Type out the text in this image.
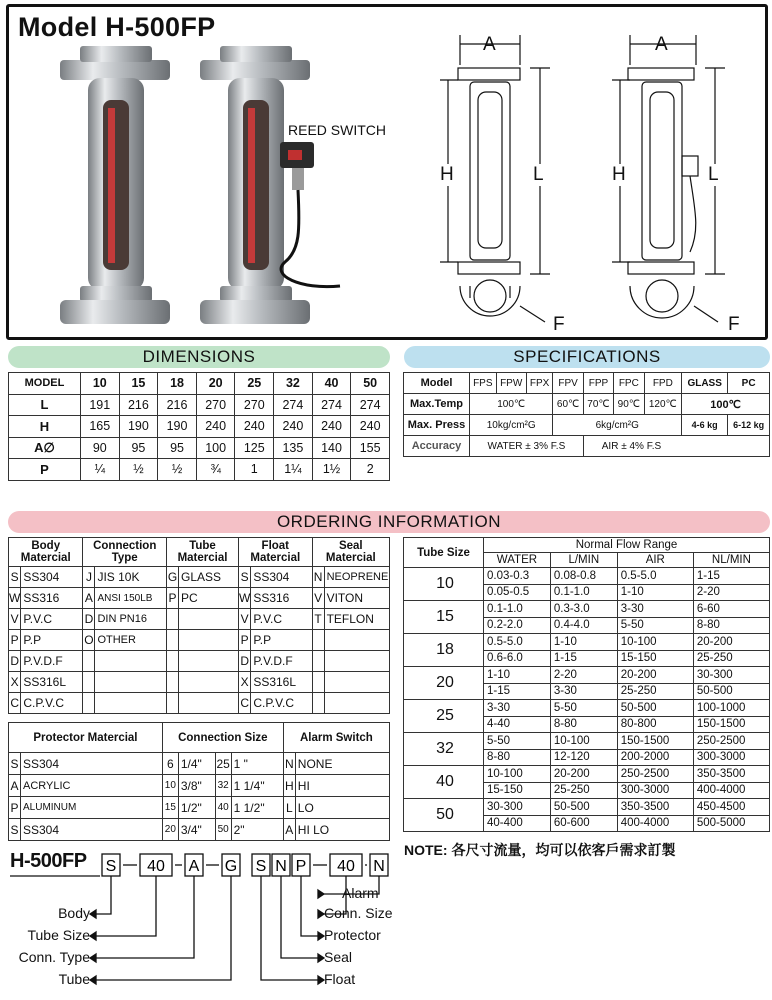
Model H-500FP
REED SWITCH
A	A
H	H
L	L
F	F
DIMENSIONS	SPECIFICATIONS
ORDERING INFORMATION
MODEL	10	15	18	20	25	32	40	50
L	191	216	216	270	270	274	274	274
H	165	190	190	240	240	240	240	240
A∅	90	95	95	100	125	135	140	155
P	¼	½	½	¾	1	1¼	1½	2
Model	FPS	FPW	FPX	FPV	FPP	FPC	FPD	GLASS	PC
Max.Temp	100℃			60℃	70℃	90℃	120℃	100℃	
Max. Press	10kg/cm²G			6kg/cm²G				4-6 kg	6-12 kg
Accuracy	WATER ± 3% F.S				AIR ± 4% F.S				
Body Matercial		Connection Type		Tube Matercial		Float Matercial		Seal Matercial	
S	SS304	J	JIS 10K	G	GLASS	S	SS304	N	NEOPRENE
W	SS316	A	ANSI 150LB	P	PC	W	SS316	V	VITON
V	P.V.C	D	DIN PN16			V	P.V.C	T	TEFLON
P	P.P	O	OTHER			P	P.P		
D	P.V.D.F					D	P.V.D.F		
X	SS316L					X	SS316L		
C	C.P.V.C					C	C.P.V.C		
Protector Matercial		Connection Size				Alarm Switch	
S	SS304	6	1/4"	25	1 "	N	NONE
A	ACRYLIC	10	3/8"	32	1 1/4"	H	HI
P	ALUMINUM	15	1/2"	40	1 1/2"	L	LO
S	SS304	20	3/4"	50	2"	A	HI LO
Tube Size	Normal Flow Range			
	WATER	L/MIN	AIR	NL/MIN
10	0.03-0.3	0.08-0.8	0.5-5.0	1-15
	0.05-0.5	0.1-1.0	1-10	2-20
15	0.1-1.0	0.3-3.0	3-30	6-60
	0.2-2.0	0.4-4.0	5-50	8-80
18	0.5-5.0	1-10	10-100	20-200
	0.6-6.0	1-15	15-150	25-250
20	1-10	2-20	20-200	30-300
	1-15	3-30	25-250	50-500
25	3-30	5-50	50-500	100-1000
	4-40	8-80	80-800	150-1500
32	5-50	10-100	150-1500	250-2500
	8-80	12-120	200-2000	300-3000
40	10-100	20-200	250-2500	350-3500
	15-150	25-250	300-3000	400-4000
50	30-300	50-500	350-3500	450-4500
	40-400	60-600	400-4000	500-5000
NOTE: 各尺寸流量，均可以依客戶需求訂製
H-500FP S 40 A G S N P 40 N
Body
Tube Size
Conn. Type
Tube
Alarm
Conn. Size
Protector
Seal
Float
